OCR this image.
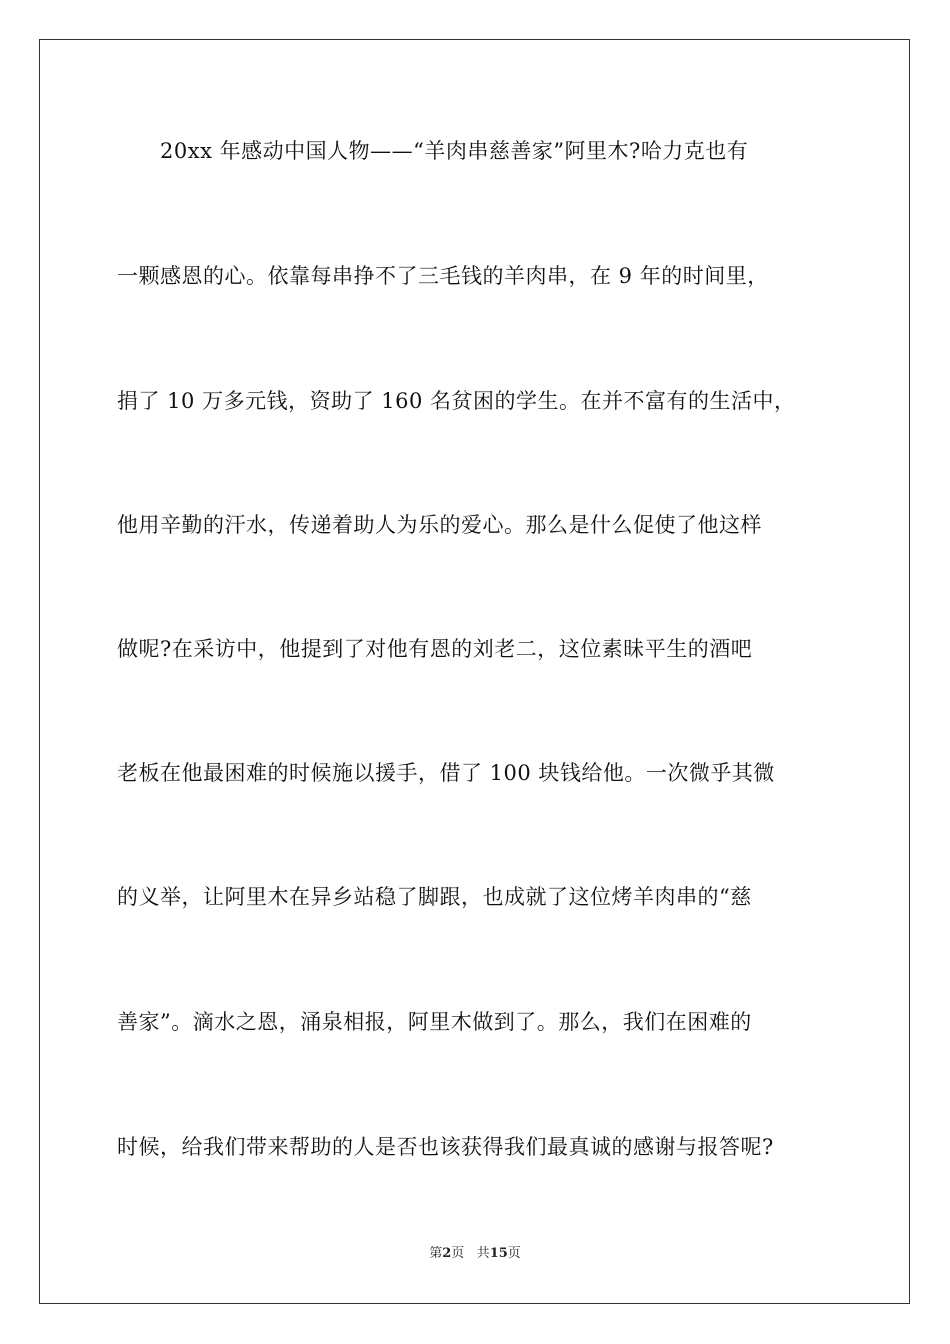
20xx 年感动中国人物——“羊肉串慈善家”阿里木?哈力克也有
一颗感恩的心。依靠每串挣不了三毛钱的羊肉串，在 9 年的时间里，
捐了 10 万多元钱，资助了 160 名贫困的学生。在并不富有的生活中，
他用辛勤的汗水，传递着助人为乐的爱心。那么是什么促使了他这样
做呢?在采访中，他提到了对他有恩的刘老二，这位素昧平生的酒吧
老板在他最困难的时候施以援手，借了 100 块钱给他。一次微乎其微
的义举，让阿里木在异乡站稳了脚跟，也成就了这位烤羊肉串的“慈
善家”。滴水之恩，涌泉相报，阿里木做到了。那么，我们在困难的
时候，给我们带来帮助的人是否也该获得我们最真诚的感谢与报答呢?
第2页 共15页
